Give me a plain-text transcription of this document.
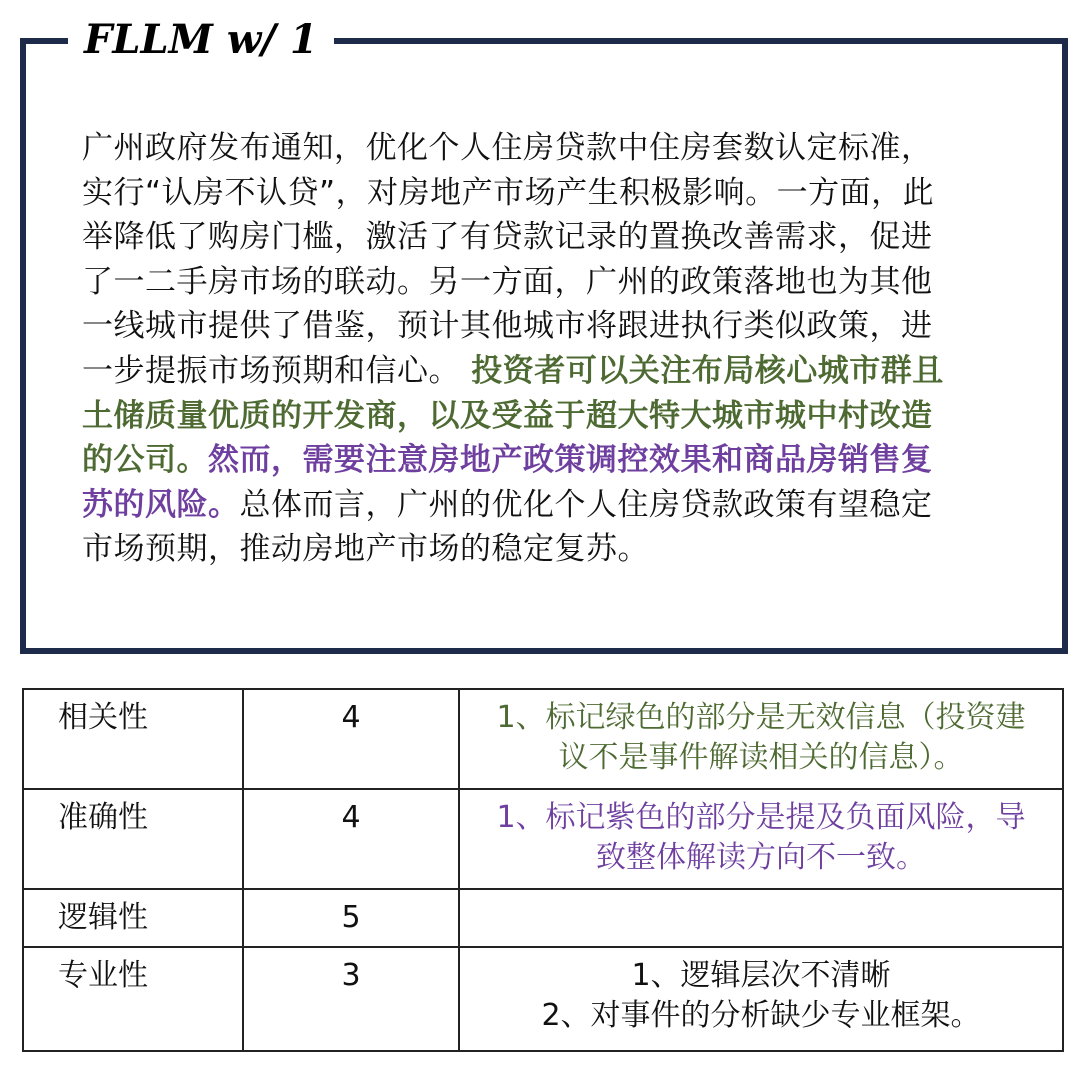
FLLM w/ 1
广州政府发布通知，优化个人住房贷款中住房套数认定标准，实行“认房不认贷”，对房地产市场产生积极影响。一方面，此举降低了购房门槛，激活了有贷款记录的置换改善需求，促进了一二手房市场的联动。另一方面，广州的政策落地也为其他一线城市提供了借鉴，预计其他城市将跟进执行类似政策，进一步提振市场预期和信心。 投资者可以关注布局核心城市群且土储质量优质的开发商，以及受益于超大特大城市城中村改造的公司。然而，需要注意房地产政策调控效果和商品房销售复苏的风险。总体而言，广州的优化个人住房贷款政策有望稳定市场预期，推动房地产市场的稳定复苏。
相关性	4	1、标记绿色的部分是无效信息（投资建
议不是事件解读相关的信息）。

准确性	4	1、标记紫色的部分是提及负面风险，导
致整体解读方向不一致。

逻辑性	5	
专业性	3	1、逻辑层次不清晰
2、对事件的分析缺少专业框架。
